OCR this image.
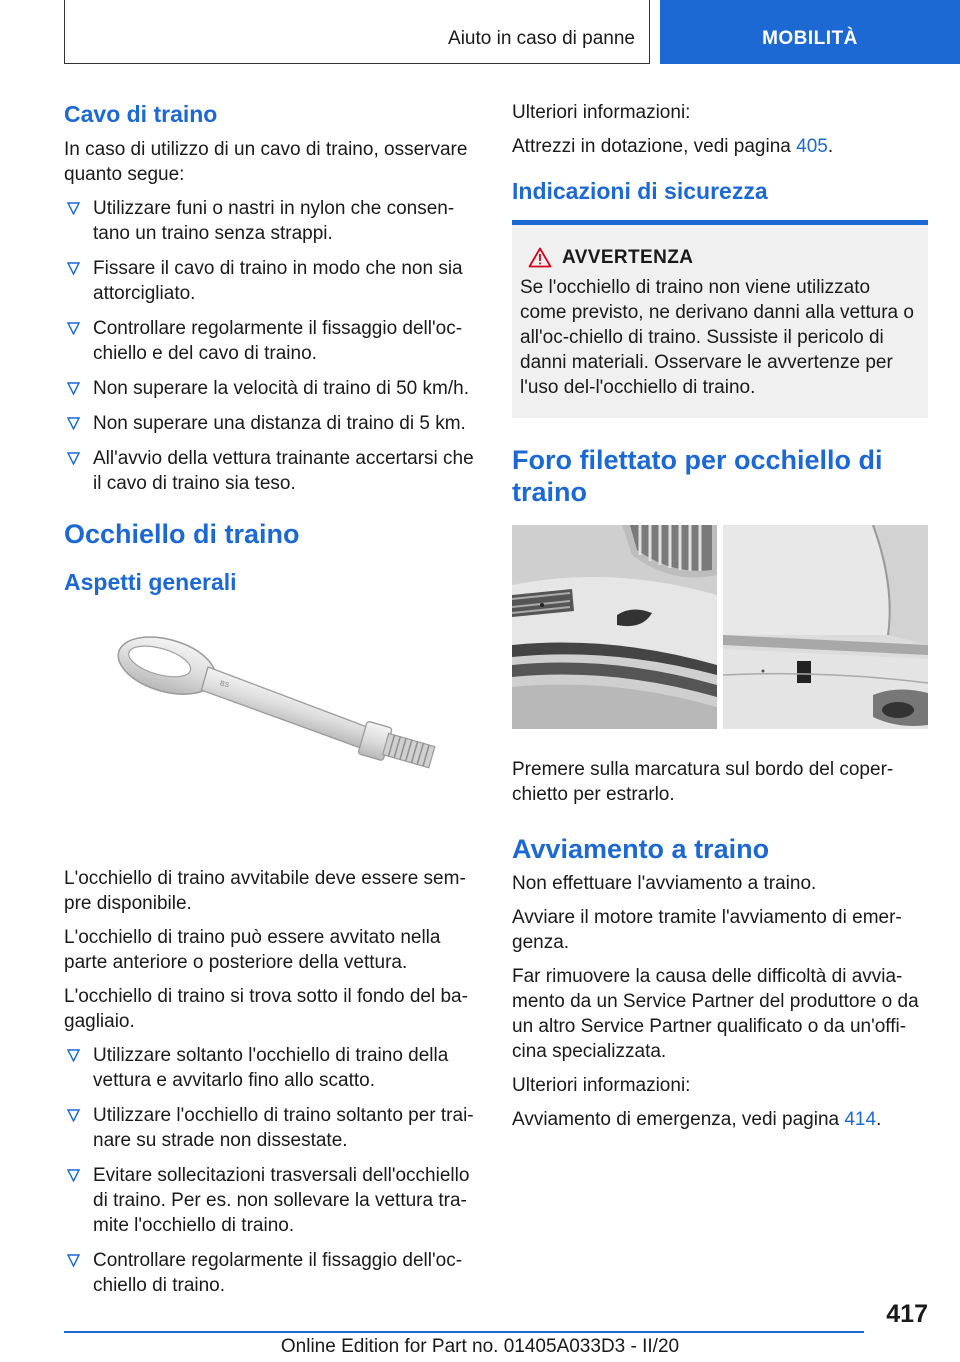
Aiuto in caso di panne	MOBILITÀ
Cavo di traino

In caso di utilizzo di un cavo di traino, osservare quanto segue:

Utilizzare funi o nastri in nylon che consen-tano un traino senza strappi.
Fissare il cavo di traino in modo che non sia attorcigliato.
Controllare regolarmente il fissaggio dell'oc-chiello e del cavo di traino.
Non superare la velocità di traino di 50 km/h.
Non superare una distanza di traino di 5 km.
All'avvio della vettura trainante accertarsi che il cavo di traino sia teso.
Occhiello di traino
Aspetti generali
BS

L'occhiello di traino avvitabile deve essere sem-pre disponibile.

L'occhiello di traino può essere avvitato nella parte anteriore o posteriore della vettura.

L'occhiello di traino si trova sotto il fondo del ba-gagliaio.

Utilizzare soltanto l'occhiello di traino della vettura e avvitarlo fino allo scatto.
Utilizzare l'occhiello di traino soltanto per trai-nare su strade non dissestate.
Evitare sollecitazioni trasversali dell'occhiello di traino. Per es. non sollevare la vettura tra-mite l'occhiello di traino.
Controllare regolarmente il fissaggio dell'oc-chiello di traino.

Ulteriori informazioni:

Attrezzi in dotazione, vedi pagina 405.

Indicazioni di sicurezza
AVVERTENZA

Se l'occhiello di traino non viene utilizzato come previsto, ne derivano danni alla vettura o all'oc-chiello di traino. Sussiste il pericolo di danni materiali. Osservare le avvertenze per l'uso del-l'occhiello di traino.

Foro filettato per occhiello di traino

Premere sulla marcatura sul bordo del coper-chietto per estrarlo.

Avviamento a traino

Non effettuare l'avviamento a traino.

Avviare il motore tramite l'avviamento di emer-genza.

Far rimuovere la causa delle difficoltà di avvia-mento da un Service Partner del produttore o da un altro Service Partner qualificato o da un'offi-cina specializzata.

Ulteriori informazioni:

Avviamento di emergenza, vedi pagina 414.

417
Online Edition for Part no. 01405A033D3 - II/20
